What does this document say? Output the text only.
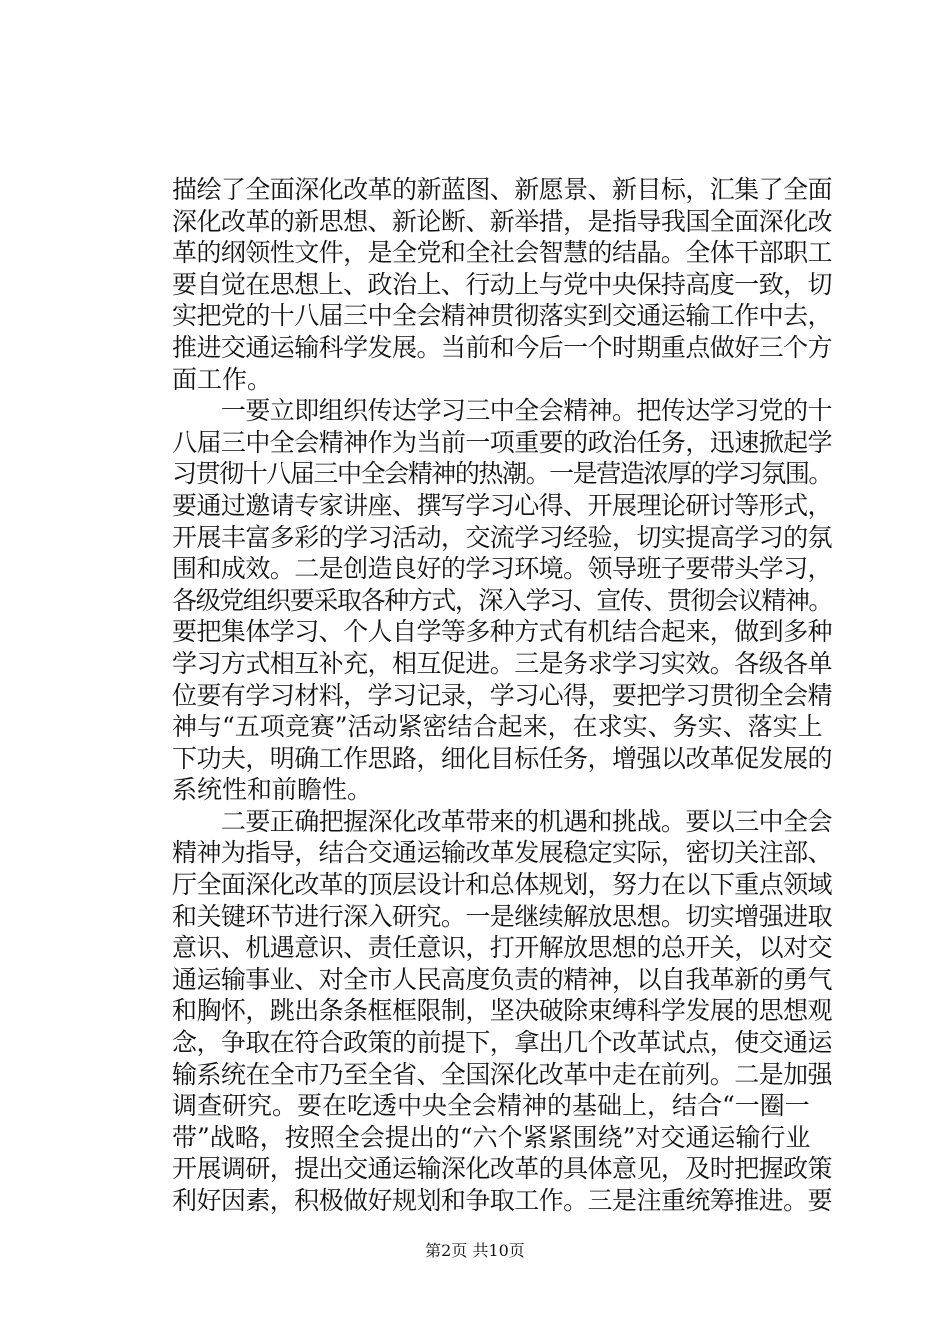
描绘了全面深化改革的新蓝图、新愿景、新目标，汇集了全面
深化改革的新思想、新论断、新举措，是指导我国全面深化改
革的纲领性文件，是全党和全社会智慧的结晶。全体干部职工
要自觉在思想上、政治上、行动上与党中央保持高度一致，切
实把党的十八届三中全会精神贯彻落实到交通运输工作中去，
推进交通运输科学发展。当前和今后一个时期重点做好三个方
面工作。
　　一要立即组织传达学习三中全会精神。把传达学习党的十
八届三中全会精神作为当前一项重要的政治任务，迅速掀起学
习贯彻十八届三中全会精神的热潮。一是营造浓厚的学习氛围。
要通过邀请专家讲座、撰写学习心得、开展理论研讨等形式，
开展丰富多彩的学习活动，交流学习经验，切实提高学习的氛
围和成效。二是创造良好的学习环境。领导班子要带头学习，
各级党组织要采取各种方式，深入学习、宣传、贯彻会议精神。
要把集体学习、个人自学等多种方式有机结合起来，做到多种
学习方式相互补充，相互促进。三是务求学习实效。各级各单
位要有学习材料，学习记录，学习心得，要把学习贯彻全会精
神与“五项竞赛”活动紧密结合起来，在求实、务实、落实上
下功夫，明确工作思路，细化目标任务，增强以改革促发展的
系统性和前瞻性。
　　二要正确把握深化改革带来的机遇和挑战。要以三中全会
精神为指导，结合交通运输改革发展稳定实际，密切关注部、
厅全面深化改革的顶层设计和总体规划，努力在以下重点领域
和关键环节进行深入研究。一是继续解放思想。切实增强进取
意识、机遇意识、责任意识，打开解放思想的总开关，以对交
通运输事业、对全市人民高度负责的精神，以自我革新的勇气
和胸怀，跳出条条框框限制，坚决破除束缚科学发展的思想观
念，争取在符合政策的前提下，拿出几个改革试点，使交通运
输系统在全市乃至全省、全国深化改革中走在前列。二是加强
调查研究。要在吃透中央全会精神的基础上，结合“一圈一
带”战略，按照全会提出的“六个紧紧围绕”对交通运输行业
开展调研，提出交通运输深化改革的具体意见，及时把握政策
利好因素，积极做好规划和争取工作。三是注重统筹推进。要
第2页 共10页
